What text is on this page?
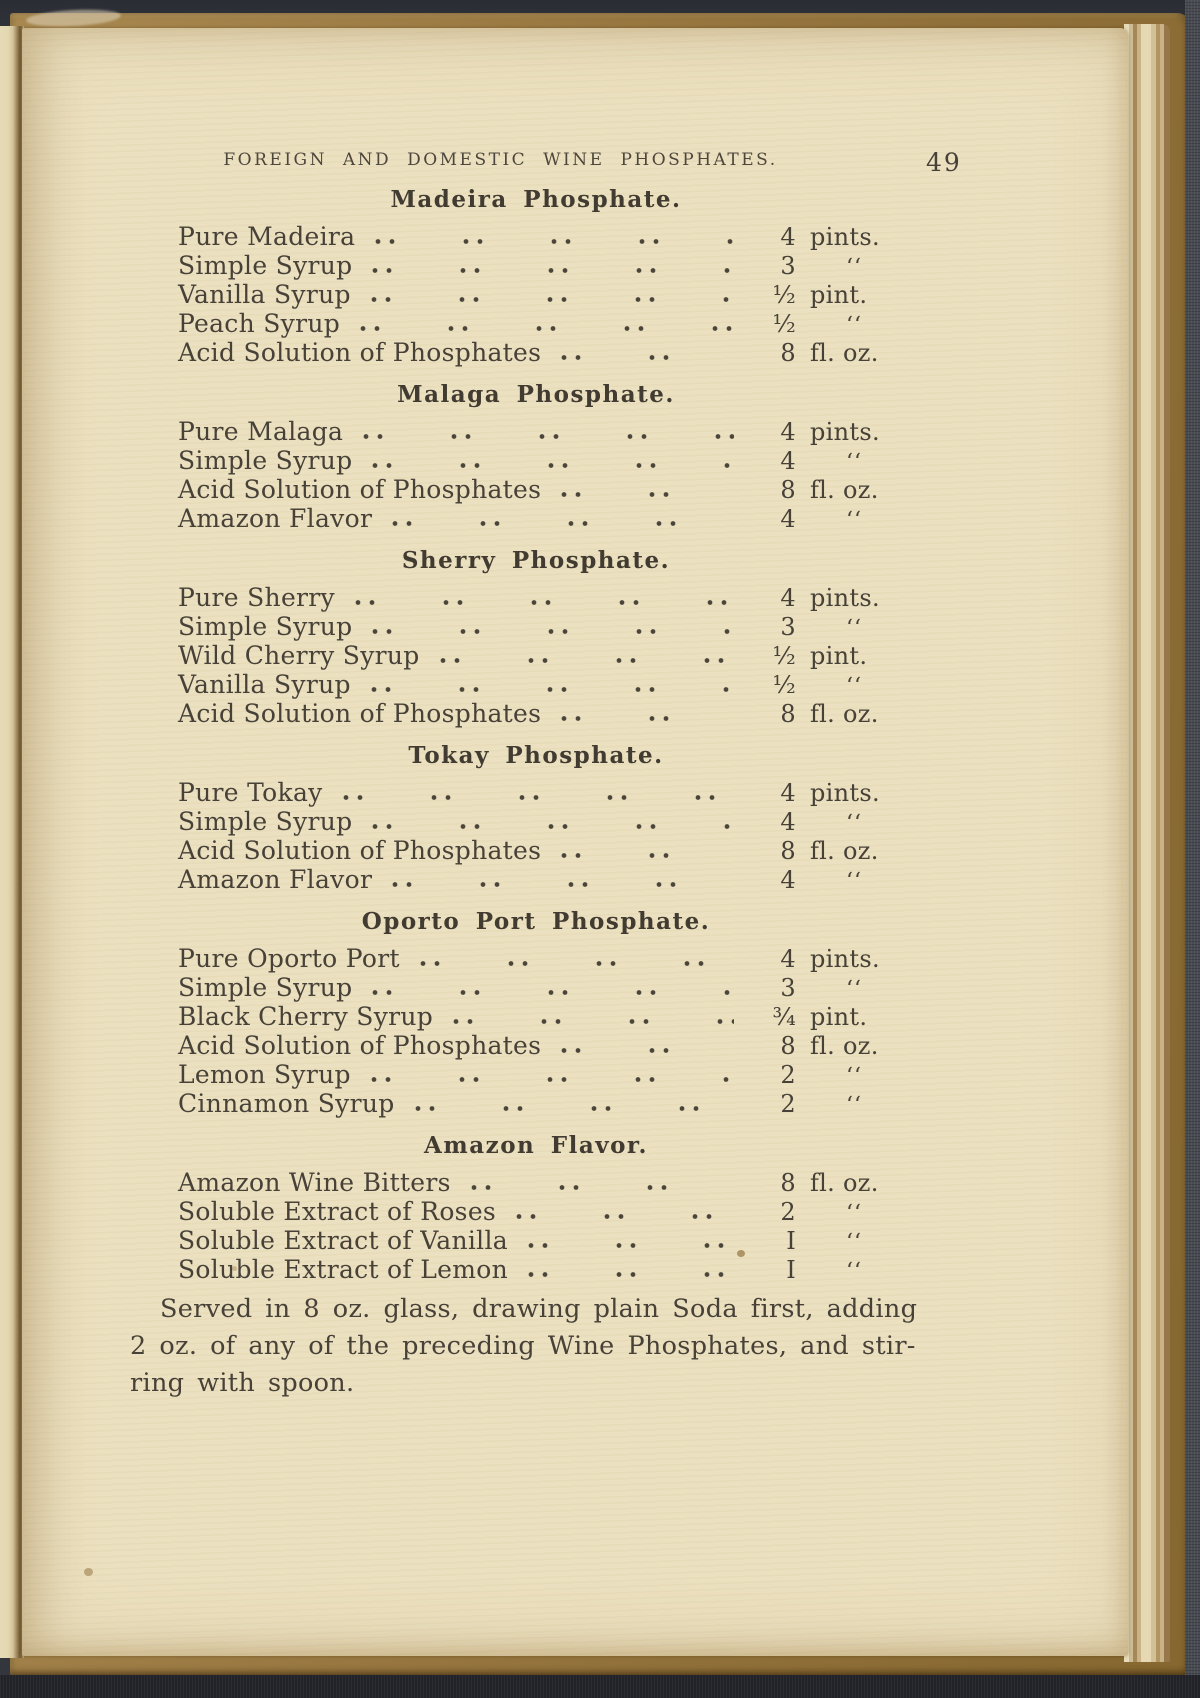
FOREIGN AND DOMESTIC WINE PHOSPHATES.	49
Madeira Phosphate.
Pure Madeira	4 pints.
Simple Syrup	3	‘‘
Vanilla Syrup	½ pint.
Peach Syrup	½	‘‘
Acid Solution of Phosphates	8 fl. oz.
Malaga Phosphate.
Pure Malaga	4 pints.
Simple Syrup	4	‘‘
Acid Solution of Phosphates	8 fl. oz.
Amazon Flavor	4	‘‘
Sherry Phosphate.
Pure Sherry	4 pints.
Simple Syrup	3	‘‘
Wild Cherry Syrup	½ pint.
Vanilla Syrup	½	‘‘
Acid Solution of Phosphates	8 fl. oz.
Tokay Phosphate.
Pure Tokay	4 pints.
Simple Syrup	4	‘‘
Acid Solution of Phosphates	8 fl. oz.
Amazon Flavor	4	‘‘
Oporto Port Phosphate.
Pure Oporto Port	4 pints.
Simple Syrup	3	‘‘
Black Cherry Syrup	¾ pint.
Acid Solution of Phosphates	8 fl. oz.
Lemon Syrup	2	‘‘
Cinnamon Syrup	2	‘‘
Amazon Flavor.
Amazon Wine Bitters	8 fl. oz.
Soluble Extract of Roses	2	‘‘
Soluble Extract of Vanilla	I	‘‘
Soluble Extract of Lemon	I	‘‘
Served in 8 oz. glass, drawing plain Soda first, adding
2 oz. of any of the preceding Wine Phosphates, and stir-
ring with spoon.
